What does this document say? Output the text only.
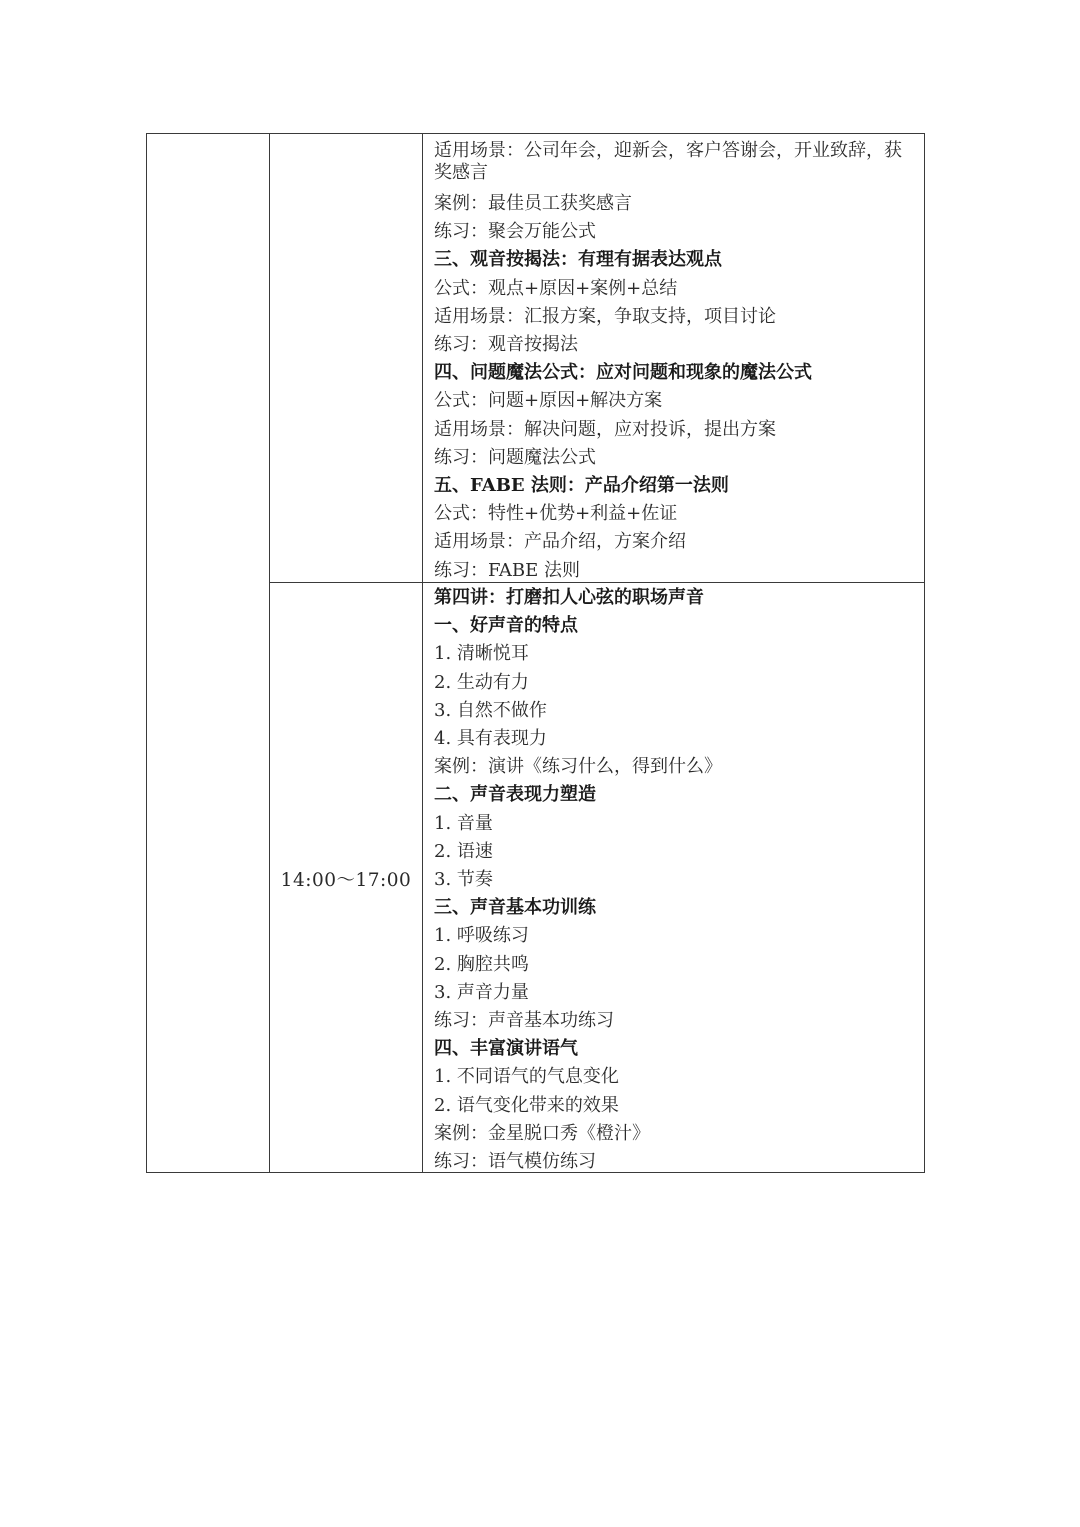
适用场景：公司年会，迎新会，客户答谢会，开业致辞，获奖感言
案例：最佳员工获奖感言
练习：聚会万能公式
三、观音按揭法：有理有据表达观点
公式：观点+原因+案例+总结
适用场景：汇报方案，争取支持，项目讨论
练习：观音按揭法
四、问题魔法公式：应对问题和现象的魔法公式
公式：问题+原因+解决方案
适用场景：解决问题，应对投诉，提出方案
练习：问题魔法公式
五、FABE 法则：产品介绍第一法则
公式：特性+优势+利益+佐证
适用场景：产品介绍，方案介绍
练习：FABE 法则
14:00～17:00
第四讲：打磨扣人心弦的职场声音
一、好声音的特点
1. 清晰悦耳
2. 生动有力
3. 自然不做作
4. 具有表现力
案例：演讲《练习什么，得到什么》
二、声音表现力塑造
1. 音量
2. 语速
3. 节奏
三、声音基本功训练
1. 呼吸练习
2. 胸腔共鸣
3. 声音力量
练习：声音基本功练习
四、丰富演讲语气
1. 不同语气的气息变化
2. 语气变化带来的效果
案例：金星脱口秀《橙汁》
练习：语气模仿练习
